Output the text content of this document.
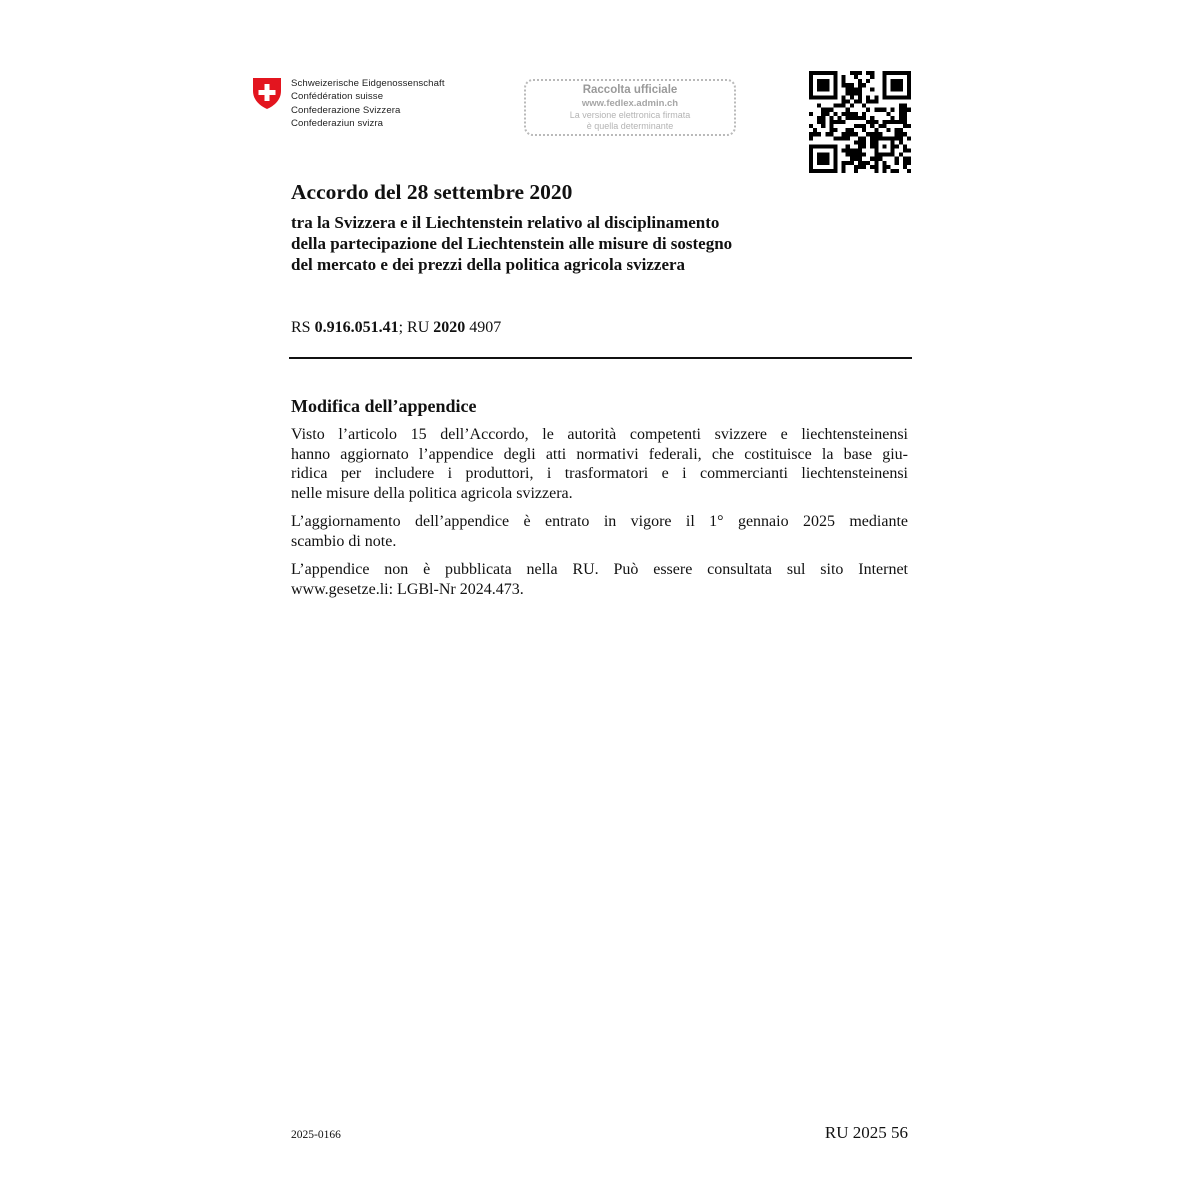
Schweizerische Eidgenossenschaft
Confédération suisse
Confederazione Svizzera
Confederaziun svizra
Raccolta ufficiale
www.fedlex.admin.ch
La versione elettronica firmata
è quella determinante
Accordo del 28 settembre 2020
tra la Svizzera e il Liechtenstein relativo al disciplinamento
della partecipazione del Liechtenstein alle misure di sostegno
del mercato e dei prezzi della politica agricola svizzera
RS 0.916.051.41; RU 2020 4907
Modifica dell’appendice

Visto l’articolo 15 dell’Accordo, le autorità competenti svizzere e liechtensteinensi
hanno aggiornato l’appendice degli atti normativi federali, che costituisce la base giu-
ridica per includere i produttori, i trasformatori e i commercianti liechtensteinensi
nelle misure della politica agricola svizzera.

L’aggiornamento dell’appendice è entrato in vigore il 1° gennaio 2025 mediante
scambio di note.

L’appendice non è pubblicata nella RU. Può essere consultata sul sito Internet
www.gesetze.li: LGBl-Nr 2024.473.

2025-0166	RU 2025 56
